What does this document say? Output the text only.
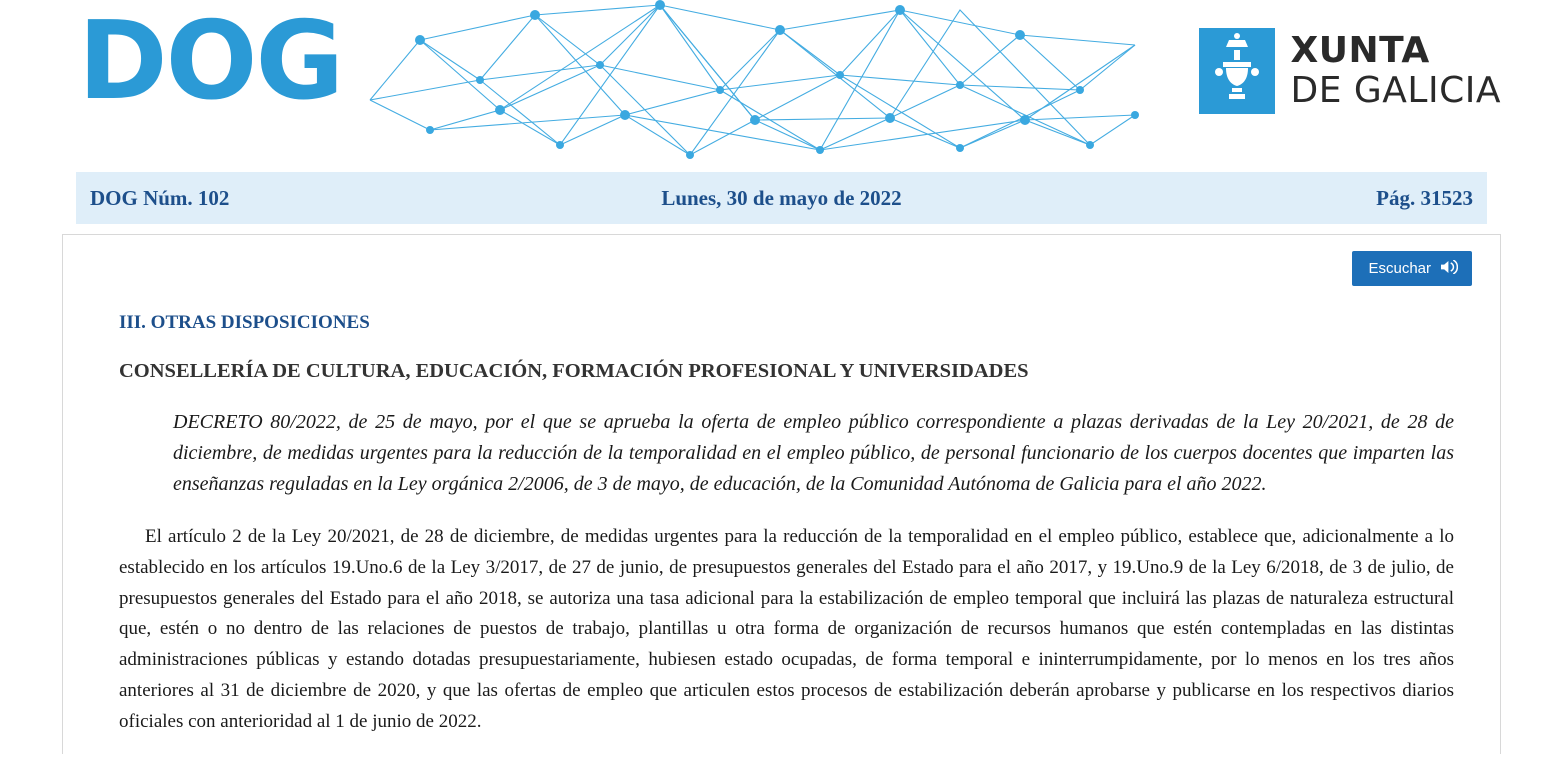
DOG	XUNTA
DE GALICIA
DOG Núm. 102	Lunes, 30 de mayo de 2022	Pág. 31523
Escuchar
III. OTRAS DISPOSICIONES
CONSELLERÍA DE CULTURA, EDUCACIÓN, FORMACIÓN PROFESIONAL Y UNIVERSIDADES
DECRETO 80/2022, de 25 de mayo, por el que se aprueba la oferta de empleo público correspondiente a plazas derivadas de la Ley 20/2021, de 28 de diciembre, de medidas urgentes para la reducción de la temporalidad en el empleo público, de personal funcionario de los cuerpos docentes que imparten las enseñanzas reguladas en la Ley orgánica 2/2006, de 3 de mayo, de educación, de la Comunidad Autónoma de Galicia para el año 2022.
El artículo 2 de la Ley 20/2021, de 28 de diciembre, de medidas urgentes para la reducción de la temporalidad en el empleo público, establece que, adicionalmente a lo establecido en los artículos 19.Uno.6 de la Ley 3/2017, de 27 de junio, de presupuestos generales del Estado para el año 2017, y 19.Uno.9 de la Ley 6/2018, de 3 de julio, de presupuestos generales del Estado para el año 2018, se autoriza una tasa adicional para la estabilización de empleo temporal que incluirá las plazas de naturaleza estructural que, estén o no dentro de las relaciones de puestos de trabajo, plantillas u otra forma de organización de recursos humanos que estén contempladas en las distintas administraciones públicas y estando dotadas presupuestariamente, hubiesen estado ocupadas, de forma temporal e ininterrumpidamente, por lo menos en los tres años anteriores al 31 de diciembre de 2020, y que las ofertas de empleo que articulen estos procesos de estabilización deberán aprobarse y publicarse en los respectivos diarios oficiales con anterioridad al 1 de junio de 2022.
